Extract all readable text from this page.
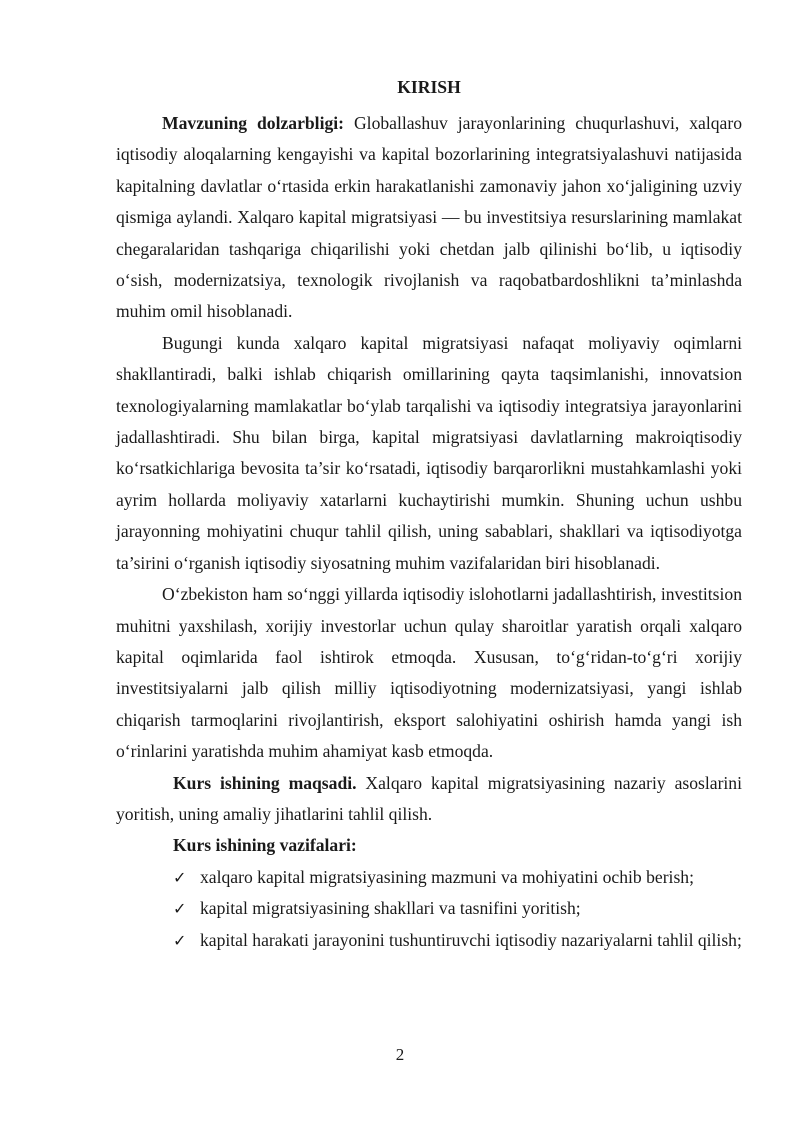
KIRISH

Mavzuning dolzarbligi: Globallashuv jarayonlarining chuqurlashuvi, xalqaro iqtisodiy aloqalarning kengayishi va kapital bozorlarining integratsiyalashuvi natijasida kapitalning davlatlar o‘rtasida erkin harakatlanishi zamonaviy jahon xo‘jaligining uzviy qismiga aylandi. Xalqaro kapital migratsiyasi — bu investitsiya resurslarining mamlakat chegaralaridan tashqariga chiqarilishi yoki chetdan jalb qilinishi bo‘lib, u iqtisodiy o‘sish, modernizatsiya, texnologik rivojlanish va raqobatbardoshlikni ta’minlashda muhim omil hisoblanadi.

Bugungi kunda xalqaro kapital migratsiyasi nafaqat moliyaviy oqimlarni shakllantiradi, balki ishlab chiqarish omillarining qayta taqsimlanishi, innovatsion texnologiyalarning mamlakatlar bo‘ylab tarqalishi va iqtisodiy integratsiya jarayonlarini jadallashtiradi. Shu bilan birga, kapital migratsiyasi davlatlarning makroiqtisodiy ko‘rsatkichlariga bevosita ta’sir ko‘rsatadi, iqtisodiy barqarorlikni mustahkamlashi yoki ayrim hollarda moliyaviy xatarlarni kuchaytirishi mumkin. Shuning uchun ushbu jarayonning mohiyatini chuqur tahlil qilish, uning sabablari, shakllari va iqtisodiyotga ta’sirini o‘rganish iqtisodiy siyosatning muhim vazifalaridan biri hisoblanadi.

O‘zbekiston ham so‘nggi yillarda iqtisodiy islohotlarni jadallashtirish, investitsion muhitni yaxshilash, xorijiy investorlar uchun qulay sharoitlar yaratish orqali xalqaro kapital oqimlarida faol ishtirok etmoqda. Xususan, to‘g‘ridan-to‘g‘ri xorijiy investitsiyalarni jalb qilish milliy iqtisodiyotning modernizatsiyasi, yangi ishlab chiqarish tarmoqlarini rivojlantirish, eksport salohiyatini oshirish hamda yangi ish o‘rinlarini yaratishda muhim ahamiyat kasb etmoqda.

Kurs ishining maqsadi. Xalqaro kapital migratsiyasining nazariy asoslarini yoritish, uning amaliy jihatlarini tahlil qilish.

Kurs ishining vazifalari:

✓ xalqaro kapital migratsiyasining mazmuni va mohiyatini ochib berish;
✓ kapital migratsiyasining shakllari va tasnifini yoritish;
✓ kapital harakati jarayonini tushuntiruvchi iqtisodiy nazariyalarni tahlil qilish;
2
